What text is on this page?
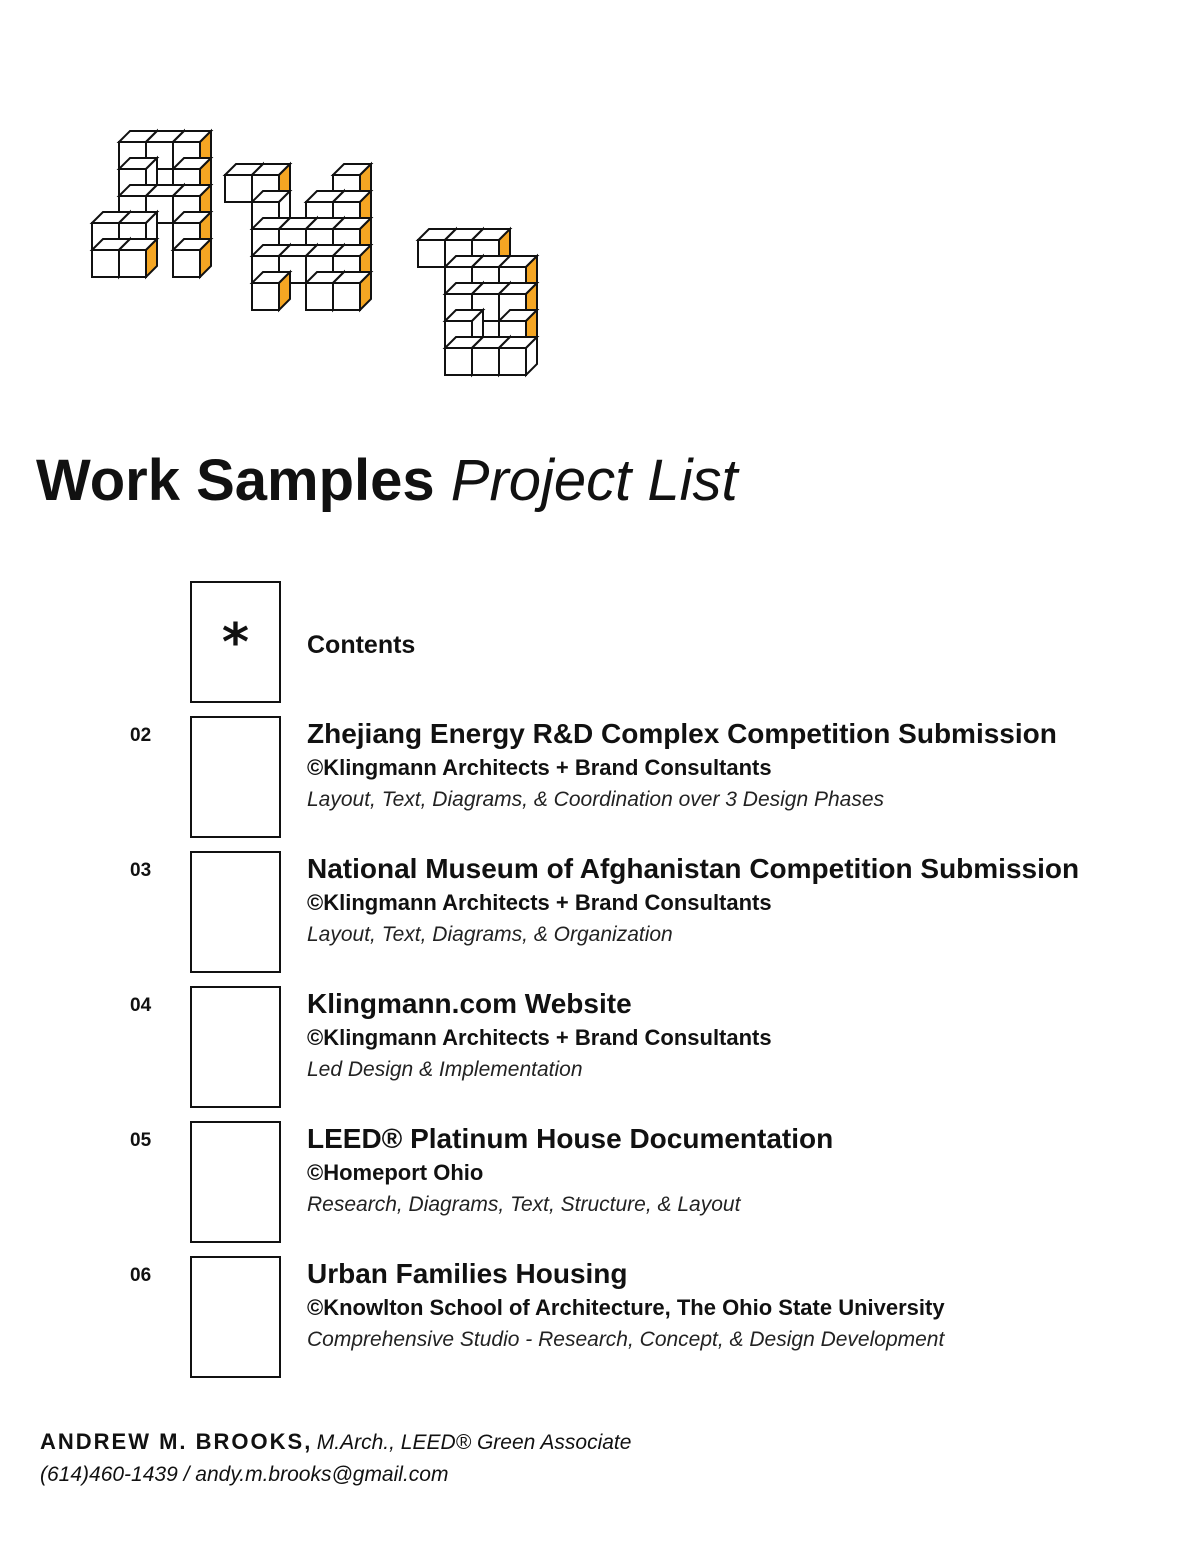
Work Samples Project List
*	Contents
02	Zhejiang Energy R&D Complex Competition Submission
©Klingmann Architects + Brand Consultants
Layout, Text, Diagrams, & Coordination over 3 Design Phases
03	National Museum of Afghanistan Competition Submission
©Klingmann Architects + Brand Consultants
Layout, Text, Diagrams, & Organization
04	Klingmann.com Website
©Klingmann Architects + Brand Consultants
Led Design & Implementation
05	LEED® Platinum House Documentation
©Homeport Ohio
Research, Diagrams, Text, Structure, & Layout
06	Urban Families Housing
©Knowlton School of Architecture, The Ohio State University
Comprehensive Studio - Research, Concept, & Design Development
ANDREW M. BROOKS, M.Arch., LEED® Green Associate
(614)460-1439 / andy.m.brooks@gmail.com
